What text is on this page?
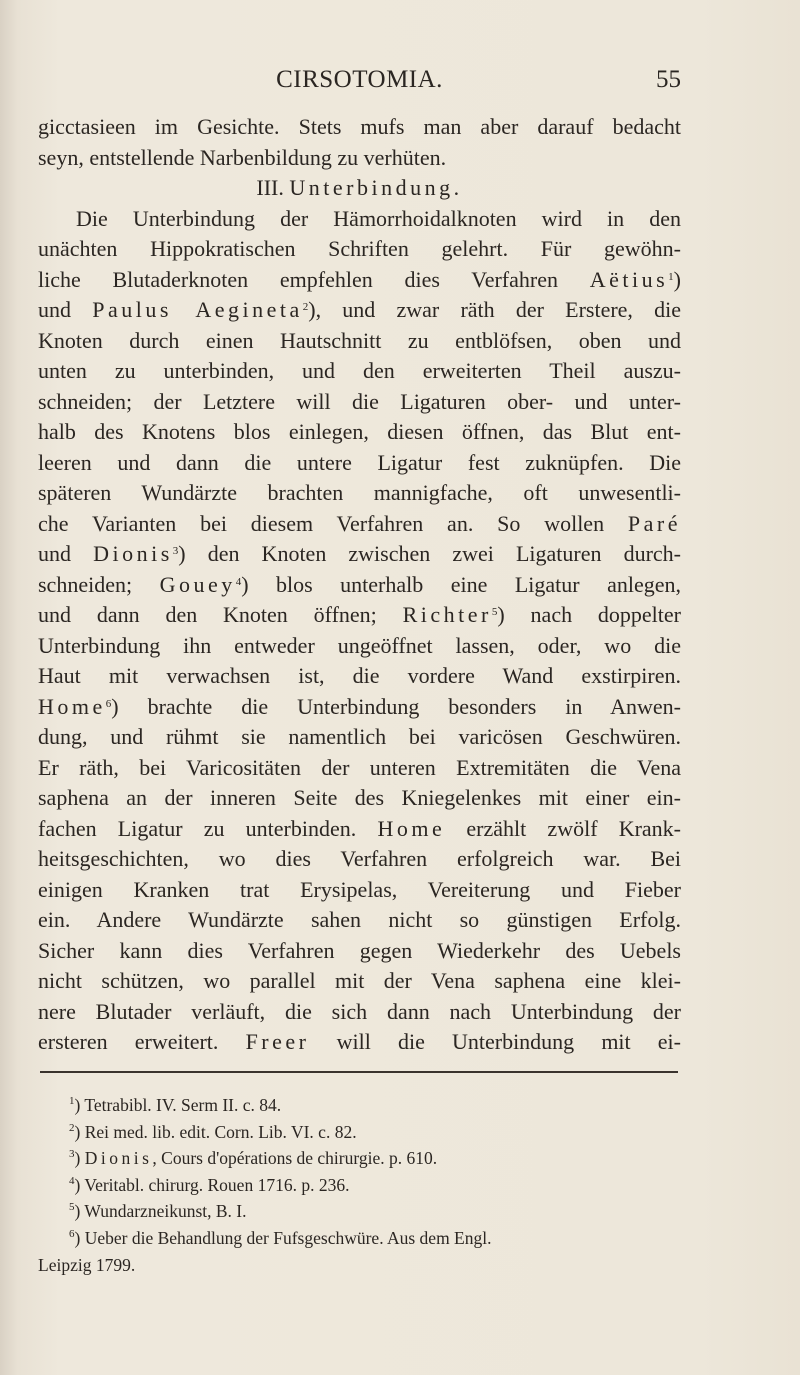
CIRSOTOMIA.	55
gicctasieen im Gesichte. Stets mufs man aber darauf bedacht
seyn, entstellende Narbenbildung zu verhüten.
III. Unterbindung.
Die Unterbindung der Hämorrhoidalknoten wird in den
unächten Hippokratischen Schriften gelehrt. Für gewöhn-
liche Blutaderknoten empfehlen dies Verfahren Aëtius$^1$)
und Paulus Aegineta$^2$), und zwar räth der Erstere, die
Knoten durch einen Hautschnitt zu entblöfsen, oben und
unten zu unterbinden, und den erweiterten Theil auszu-
schneiden; der Letztere will die Ligaturen ober- und unter-
halb des Knotens blos einlegen, diesen öffnen, das Blut ent-
leeren und dann die untere Ligatur fest zuknüpfen. Die
späteren Wundärzte brachten mannigfache, oft unwesentli-
che Varianten bei diesem Verfahren an. So wollen Paré
und Dionis$^3$) den Knoten zwischen zwei Ligaturen durch-
schneiden; Gouey$^4$) blos unterhalb eine Ligatur anlegen,
und dann den Knoten öffnen; Richter$^5$) nach doppelter
Unterbindung ihn entweder ungeöffnet lassen, oder, wo die
Haut mit verwachsen ist, die vordere Wand exstirpiren.
Home$^6$) brachte die Unterbindung besonders in Anwen-
dung, und rühmt sie namentlich bei varicösen Geschwüren.
Er räth, bei Varicositäten der unteren Extremitäten die Vena
saphena an der inneren Seite des Kniegelenkes mit einer ein-
fachen Ligatur zu unterbinden. Home erzählt zwölf Krank-
heitsgeschichten, wo dies Verfahren erfolgreich war. Bei
einigen Kranken trat Erysipelas, Vereiterung und Fieber
ein. Andere Wundärzte sahen nicht so günstigen Erfolg.
Sicher kann dies Verfahren gegen Wiederkehr des Uebels
nicht schützen, wo parallel mit der Vena saphena eine klei-
nere Blutader verläuft, die sich dann nach Unterbindung der
ersteren erweitert. Freer will die Unterbindung mit ei-
$^1$) Tetrabibl. IV. Serm II. c. 84.
$^2$) Rei med. lib. edit. Corn. Lib. VI. c. 82.
$^3$) Dionis, Cours d'opérations de chirurgie. p. 610.
$^4$) Veritabl. chirurg. Rouen 1716. p. 236.
$^5$) Wundarzneikunst, B. I.
$^6$) Ueber die Behandlung der Fufsgeschwüre. Aus dem Engl.
Leipzig 1799.
